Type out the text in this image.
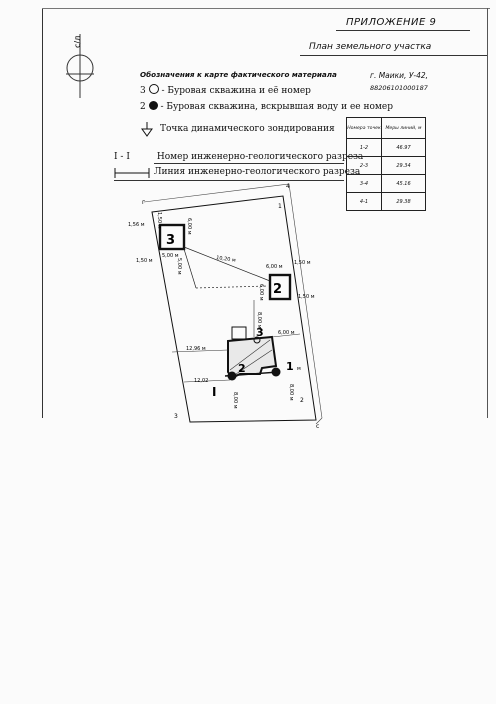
с/л
ПРИЛОЖЕНИЕ 9
План земельного участка
Обозначения к карте фактического материала	г. Маики, У-42,
88206101000187
3 - Буровая скважина и её номер
2 - Буровая скважина, вскрывшая воду и ее номер
Точка динамического зондирования
I - I	Номер инженерно-геологического разреза
Линия инженерно-геологического разреза
Номера точек	Меры линий, м
1-2	46.97
2-3	29.34
3-4	45.16
4-1	29.38
3
2
I
1
2
3
г
1
2
3
4
с
1,50 м
1,56 м
1,50 м
5,00 м
6,00 м
5,00 м	10,20 м
6,00 м
1,50 м
6,00 м
6,00 м
1,50 м
8,00 м
12,96 м
12,02
8,00 м	8,00 м
м
